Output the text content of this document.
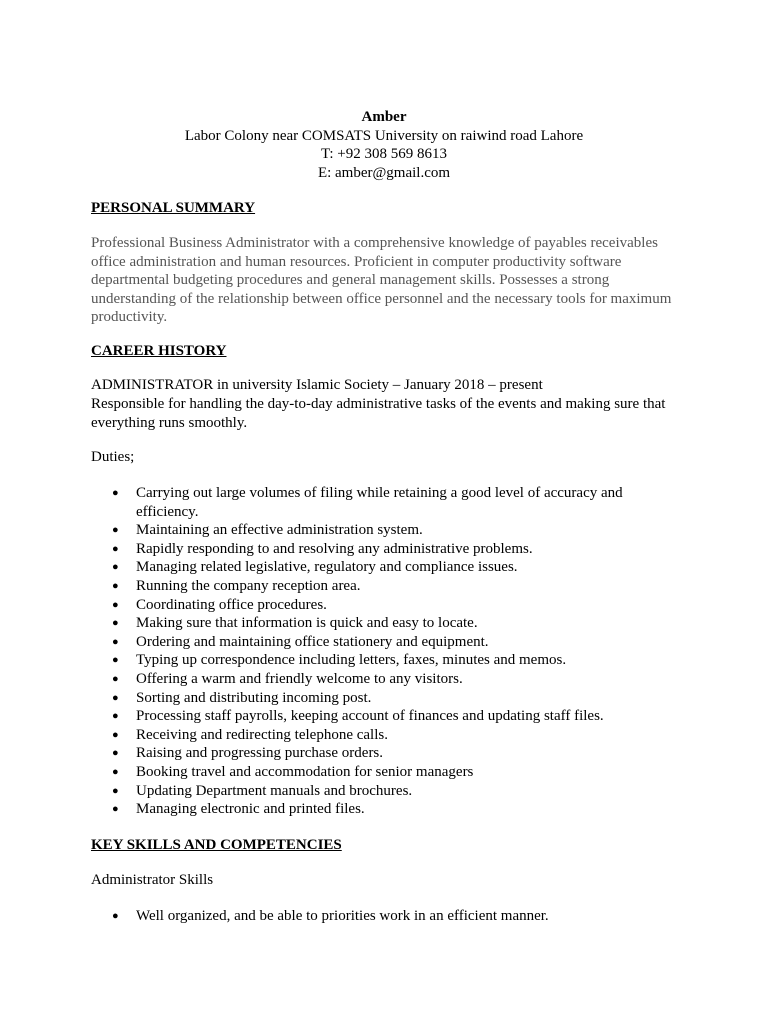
Amber
Labor Colony near COMSATS University on raiwind road Lahore
T: +92 308 569 8613
E: amber@gmail.com
PERSONAL SUMMARY

Professional Business Administrator with a comprehensive knowledge of payables receivables office administration and human resources. Proficient in computer productivity software departmental budgeting procedures and general management skills. Possesses a strong understanding of the relationship between office personnel and the necessary tools for maximum productivity.

CAREER HISTORY

ADMINISTRATOR in university Islamic Society – January 2018 – present

Responsible for handling the day-to-day administrative tasks of the events and making sure that everything runs smoothly.

Duties;

● Carrying out large volumes of filing while retaining a good level of accuracy and efficiency.
● Maintaining an effective administration system.
● Rapidly responding to and resolving any administrative problems.
● Managing related legislative, regulatory and compliance issues.
● Running the company reception area.
● Coordinating office procedures.
● Making sure that information is quick and easy to locate.
● Ordering and maintaining office stationery and equipment.
● Typing up correspondence including letters, faxes, minutes and memos.
● Offering a warm and friendly welcome to any visitors.
● Sorting and distributing incoming post.
● Processing staff payrolls, keeping account of finances and updating staff files.
● Receiving and redirecting telephone calls.
● Raising and progressing purchase orders.
● Booking travel and accommodation for senior managers
● Updating Department manuals and brochures.
● Managing electronic and printed files.
KEY SKILLS AND COMPETENCIES

Administrator Skills

● Well organized, and be able to priorities work in an efficient manner.
